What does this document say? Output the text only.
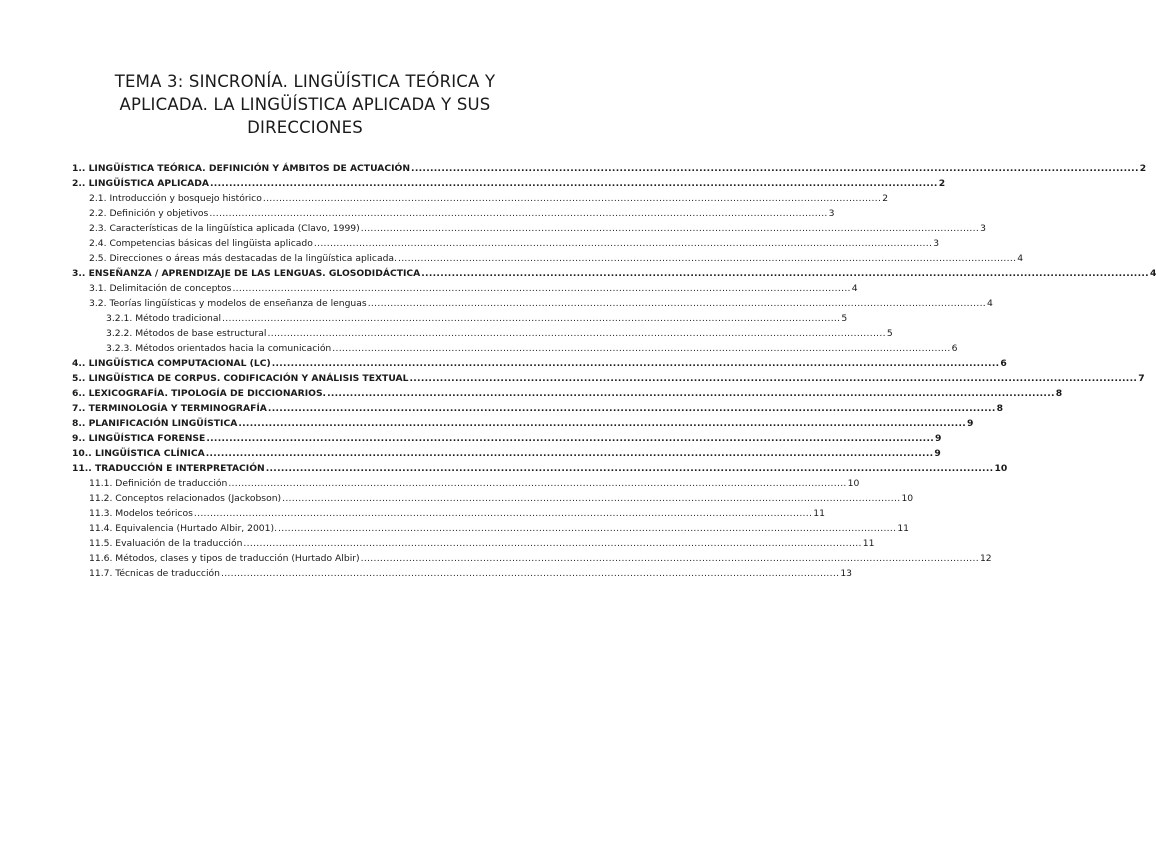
TEMA 3: SINCRONÍA. LINGÜÍSTICA TEÓRICA Y
APLICADA. LA LINGÜÍSTICA APLICADA Y SUS
DIRECCIONES
1.. LINGÜÍSTICA TEÓRICA. DEFINICIÓN Y ÁMBITOS DE ACTUACIÓN .....	2
2.. LINGÜÍSTICA APLICADA .....	2
2.1. Introducción y bosquejo histórico .....	2
2.2. Definición y objetivos .....	3
2.3. Características de la lingüística aplicada (Clavo, 1999) .....	3
2.4. Competencias básicas del lingüista aplicado .....	3
2.5. Direcciones o áreas más destacadas de la lingüística aplicada. .....	4
3.. ENSEÑANZA / APRENDIZAJE DE LAS LENGUAS. GLOSODIDÁCTICA .....	4
3.1. Delimitación de conceptos .....	4
3.2. Teorías lingüísticas y modelos de enseñanza de lenguas .....	4
3.2.1. Método tradicional .....	5
3.2.2. Métodos de base estructural .....	5
3.2.3. Métodos orientados hacia la comunicación .....	6
4.. LINGÜÍSTICA COMPUTACIONAL (LC) .....	6
5.. LINGÜÍSTICA DE CORPUS. CODIFICACIÓN Y ANÁLISIS TEXTUAL .....	7
6.. LEXICOGRAFÍA. TIPOLOGÍA DE DICCIONARIOS. .....	8
7.. TERMINOLOGÍA Y TERMINOGRAFÍA .....	8
8.. PLANIFICACIÓN LINGÜÍSTICA .....	9
9.. LINGÜÍSTICA FORENSE .....	9
10.. LINGÜÍSTICA CLÍNICA .....	9
11.. TRADUCCIÓN E INTERPRETACIÓN .....	10
11.1. Definición de traducción .....	10
11.2. Conceptos relacionados (Jackobson) .....	10
11.3. Modelos teóricos .....	11
11.4. Equivalencia (Hurtado Albir, 2001). .....	11
11.5. Evaluación de la traducción .....	11
11.6. Métodos, clases y tipos de traducción (Hurtado Albir) .....	12
11.7. Técnicas de traducción .....	13
